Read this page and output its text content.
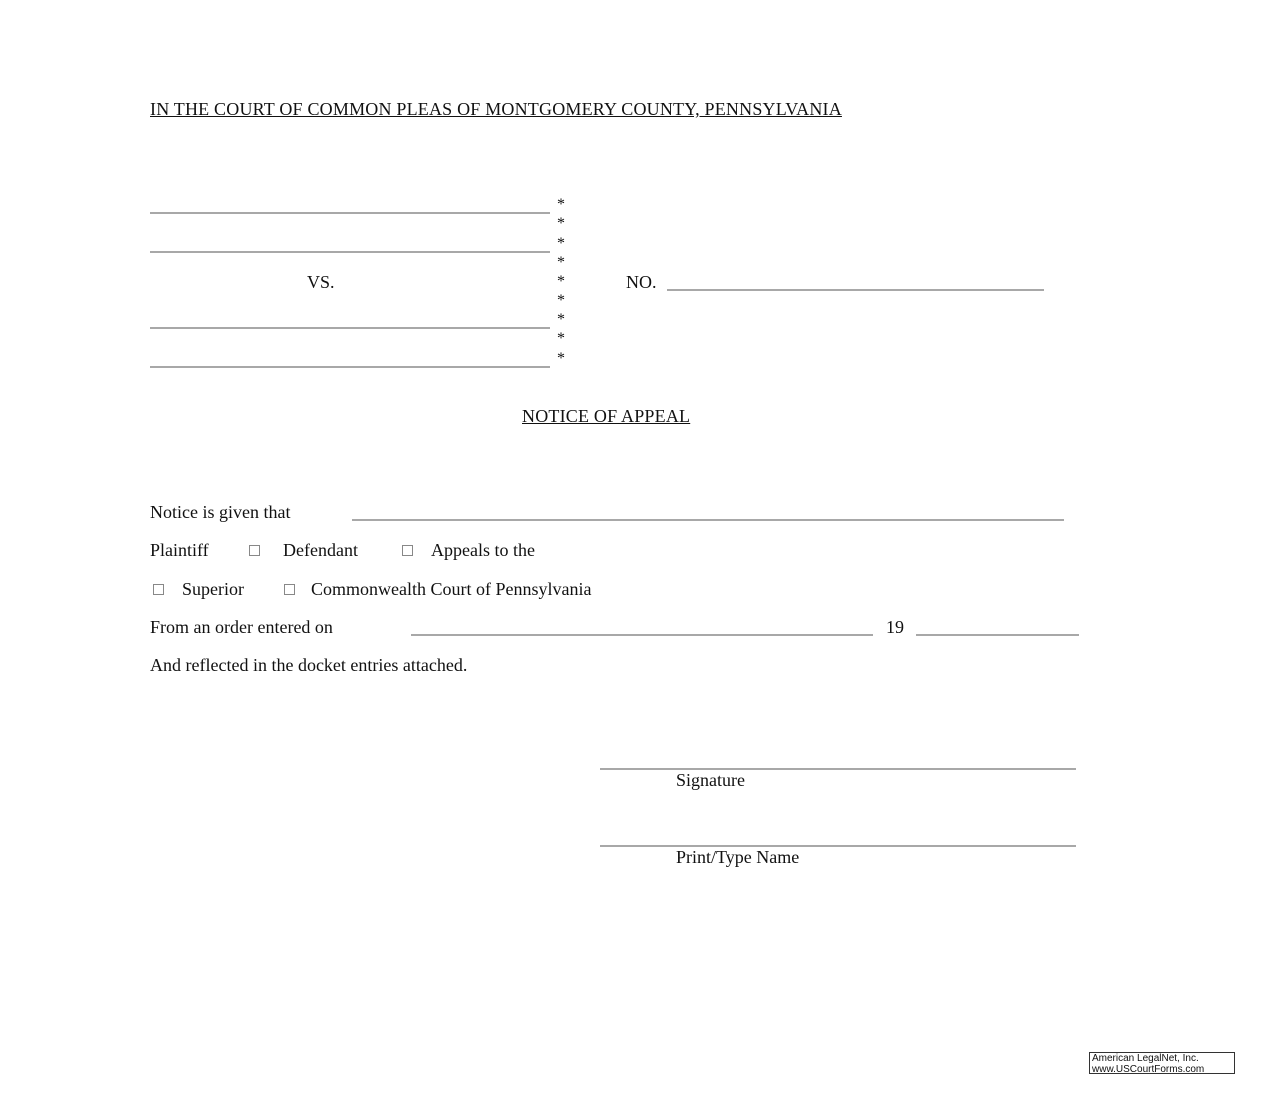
IN THE COURT OF COMMON PLEAS OF MONTGOMERY COUNTY, PENNSYLVANIA
VS.
*
*
*
*
*
*
*
*
*
NO.
NOTICE OF APPEAL
Notice is given that
Plaintiff	Defendant	Appeals to the
Superior	Commonwealth Court of Pennsylvania
From an order entered on	19
And reflected in the docket entries attached.
Signature
Print/Type Name
American LegalNet, Inc.
www.USCourtForms.com
